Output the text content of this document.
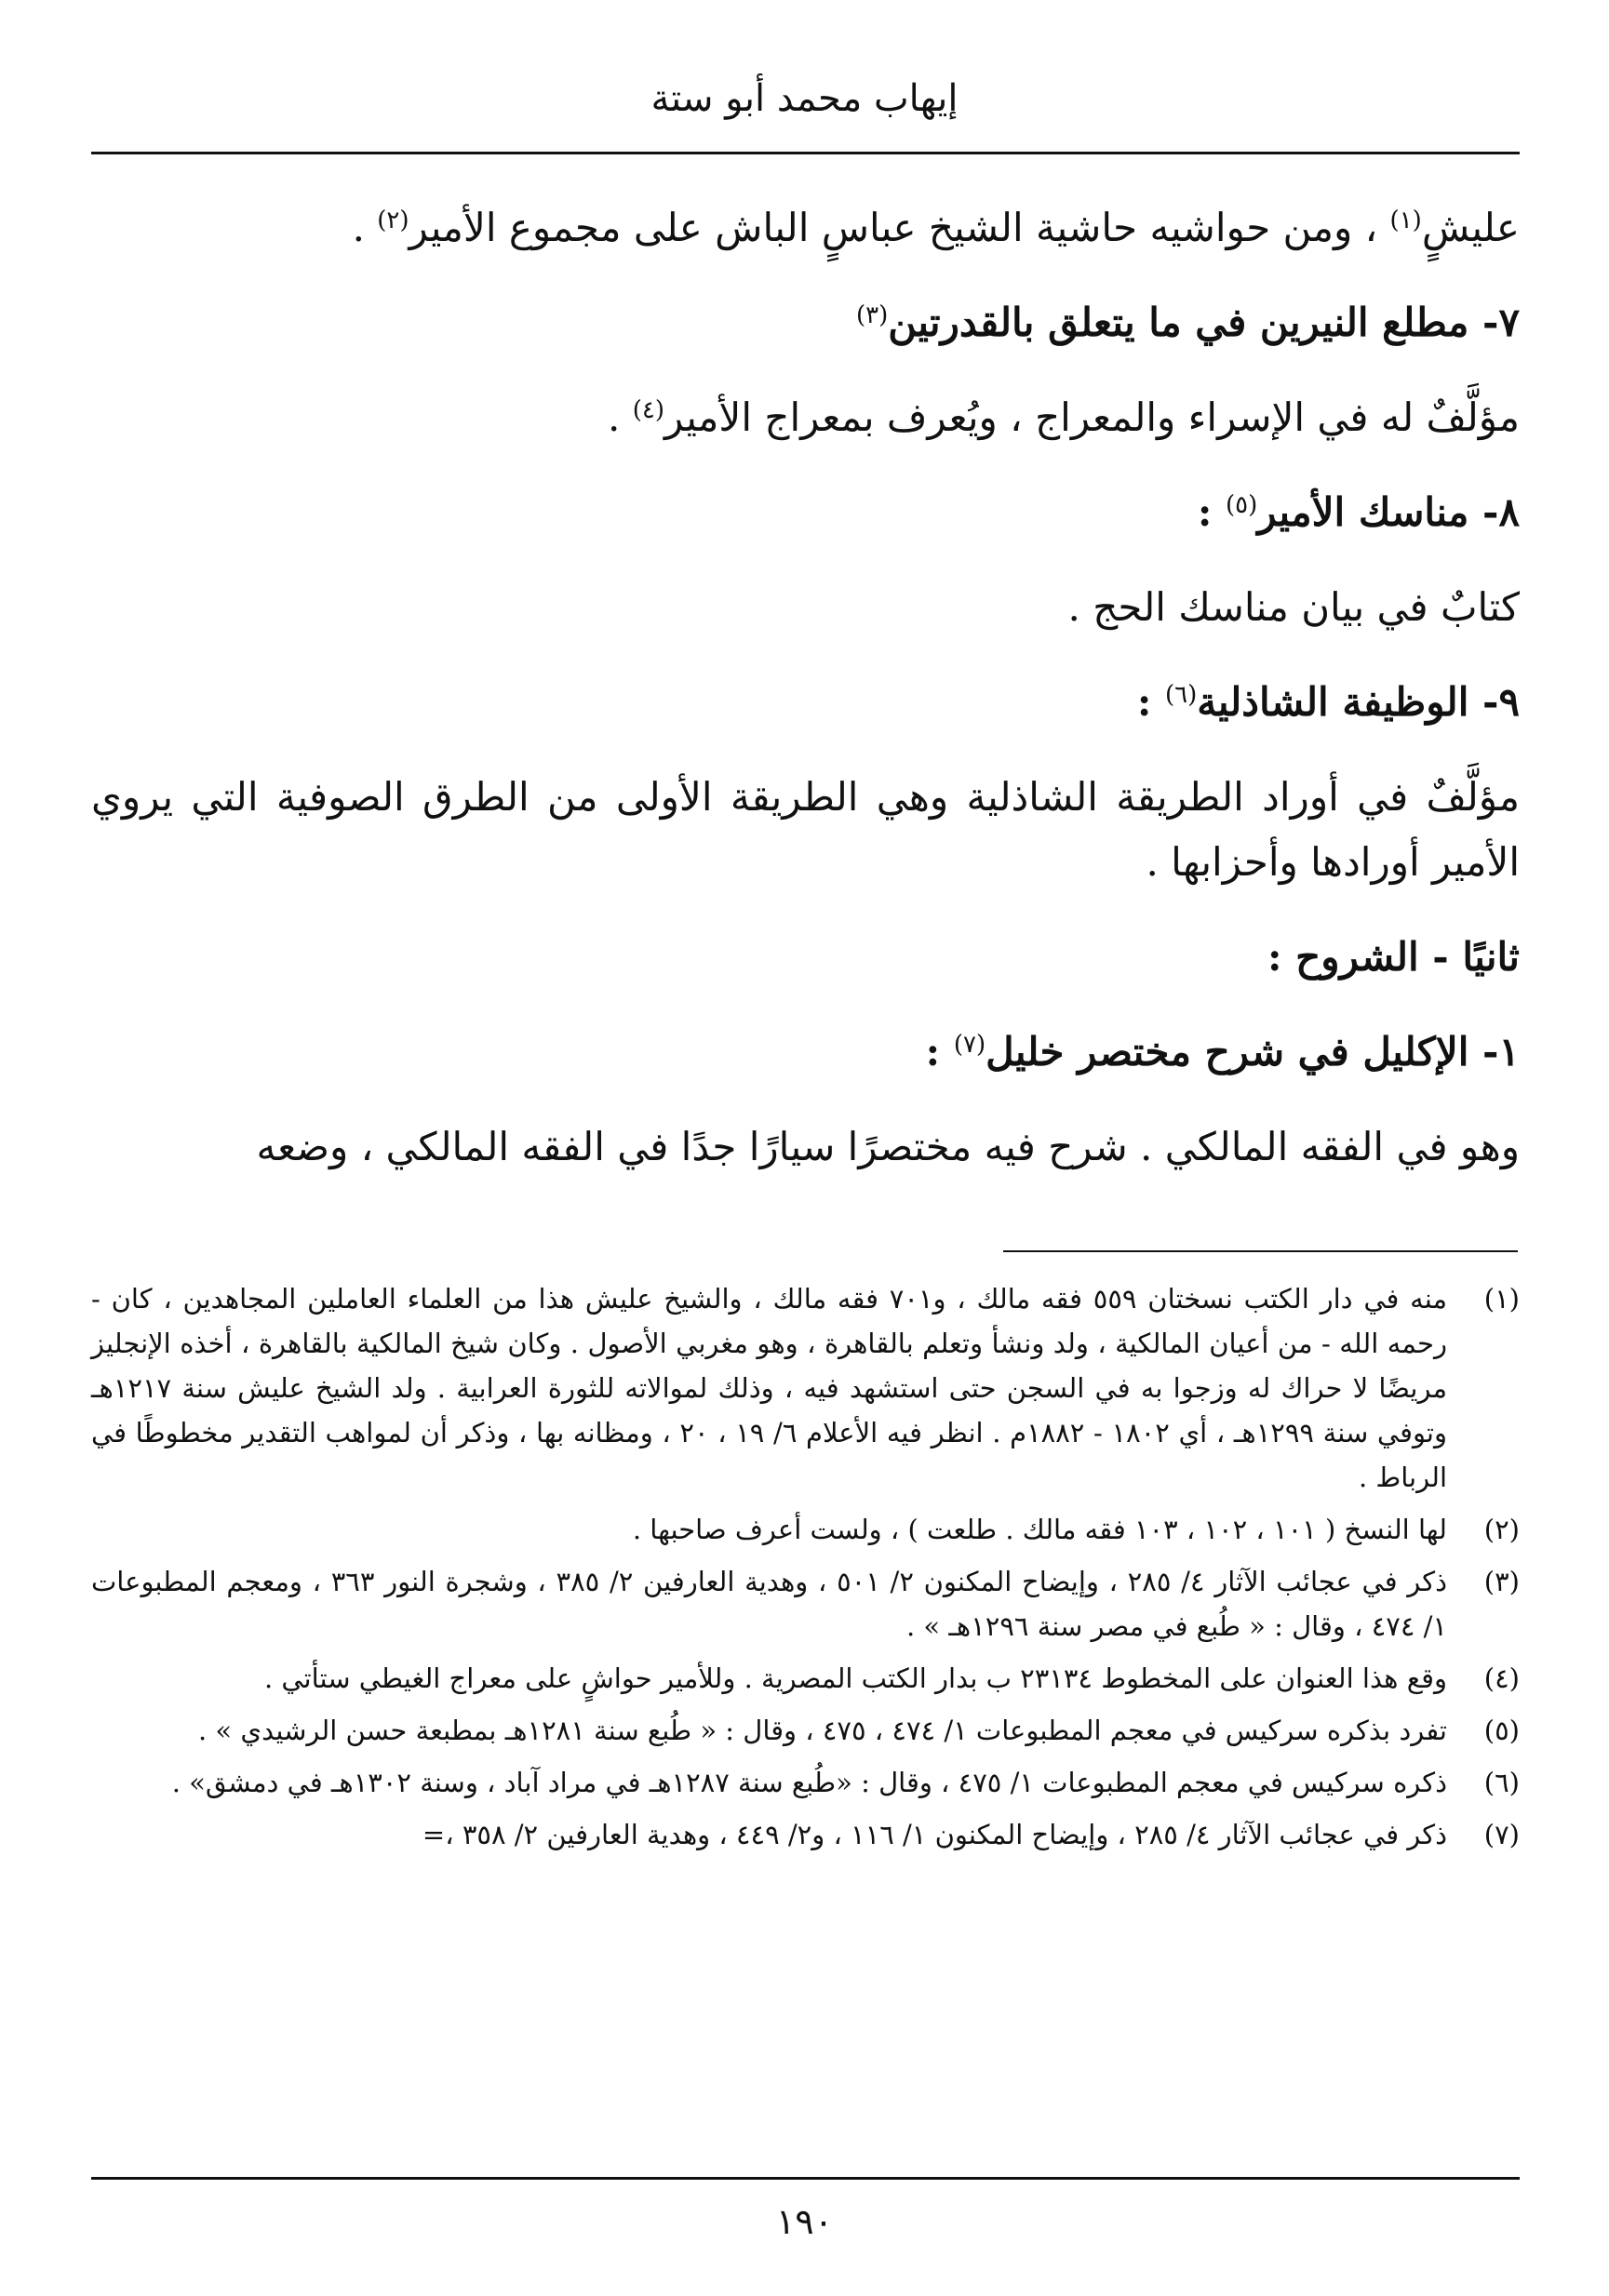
إيهاب محمد أبو ستة

عليشٍ$^{(١)}$ ، ومن حواشيه حاشية الشيخ عباسٍ الباش على مجموع الأمير$^{(٢)}$ .

٧- مطلع النيرين في ما يتعلق بالقدرتين$^{(٣)}$

مؤلَّفٌ له في الإسراء والمعراج ، ويُعرف بمعراج الأمير$^{(٤)}$ .

٨- مناسك الأمير$^{(٥)}$ :

كتابٌ في بيان مناسك الحج .

٩- الوظيفة الشاذلية$^{(٦)}$ :

مؤلَّفٌ في أوراد الطريقة الشاذلية وهي الطريقة الأولى من الطرق الصوفية التي يروي الأمير أورادها وأحزابها .

ثانيًا - الشروح :

١- الإكليل في شرح مختصر خليل$^{(٧)}$ :

وهو في الفقه المالكي . شرح فيه مختصرًا سيارًا جدًا في الفقه المالكي ، وضعه

(١)
منه في دار الكتب نسختان ٥٥٩ فقه مالك ، و٧٠١ فقه مالك ، والشيخ عليش هذا من العلماء العاملين المجاهدين ، كان - رحمه الله - من أعيان المالكية ، ولد ونشأ وتعلم بالقاهرة ، وهو مغربي الأصول . وكان شيخ المالكية بالقاهرة ، أخذه الإنجليز مريضًا لا حراك له وزجوا به في السجن حتى استشهد فيه ، وذلك لموالاته للثورة العرابية . ولد الشيخ عليش سنة ١٢١٧هـ وتوفي سنة ١٢٩٩هـ ، أي ١٨٠٢ - ١٨٨٢م . انظر فيه الأعلام ٦/ ١٩ ، ٢٠ ، ومظانه بها ، وذكر أن لمواهب التقدير مخطوطًا في الرباط .
(٢)
لها النسخ ( ١٠١ ، ١٠٢ ، ١٠٣ فقه مالك . طلعت ) ، ولست أعرف صاحبها .
(٣)
ذكر في عجائب الآثار ٤/ ٢٨٥ ، وإيضاح المكنون ٢/ ٥٠١ ، وهدية العارفين ٢/ ٣٨٥ ، وشجرة النور ٣٦٣ ، ومعجم المطبوعات ١/ ٤٧٤ ، وقال : « طُبع في مصر سنة ١٢٩٦هـ » .
(٤)
وقع هذا العنوان على المخطوط ٢٣١٣٤ ب بدار الكتب المصرية . وللأمير حواشٍ على معراج الغيطي ستأتي .
(٥)
تفرد بذكره سركيس في معجم المطبوعات ١/ ٤٧٤ ، ٤٧٥ ، وقال : « طُبع سنة ١٢٨١هـ بمطبعة حسن الرشيدي » .
(٦)
ذكره سركيس في معجم المطبوعات ١/ ٤٧٥ ، وقال : «طُبع سنة ١٢٨٧هـ في مراد آباد ، وسنة ١٣٠٢هـ في دمشق» .
(٧)
ذكر في عجائب الآثار ٤/ ٢٨٥ ، وإيضاح المكنون ١/ ١١٦ ، و٢/ ٤٤٩ ، وهدية العارفين ٢/ ٣٥٨ ،=
١٩٠
